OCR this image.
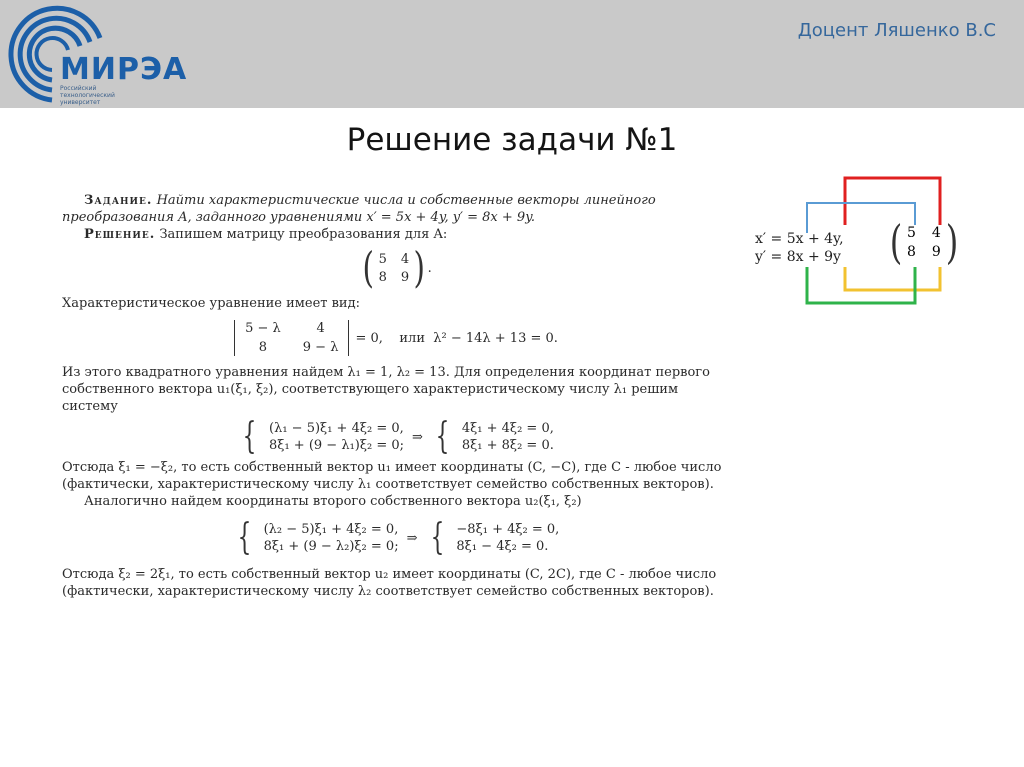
МИРЭА
Российский
технологический
университет
Доцент Ляшенко В.С
Решение задачи №1

Задание. Найти характеристические числа и собственные векторы линейного преобразования A, заданного уравнениями x′ = 5x + 4y, y′ = 8x + 9y.

Решение. Запишем матрицу преобразования для A:

( 5 4
8 9 ) .

Характеристическое уравнение имеет вид:

5 − λ	4
8	9 − λ
= 0,    или  λ² − 14λ + 13 = 0.

Из этого квадратного уравнения найдем λ₁ = 1, λ₂ = 13. Для определения координат первого собственного вектора u₁(ξ₁, ξ₂), соответствующего характеристическому числу λ₁ решим систему

{ (λ₁ − 5)ξ₁ + 4ξ₂ = 0,
8ξ₁ + (9 − λ₁)ξ₂ = 0;
⇒ { 4ξ₁ + 4ξ₂ = 0,
8ξ₁ + 8ξ₂ = 0.

Отсюда ξ₁ = −ξ₂, то есть собственный вектор u₁ имеет координаты (C, −C), где C - любое число (фактически, характеристическому числу λ₁ соответствует семейство собственных векторов).

Аналогично найдем координаты второго собственного вектора u₂(ξ₁, ξ₂)

{ (λ₂ − 5)ξ₁ + 4ξ₂ = 0,
8ξ₁ + (9 − λ₂)ξ₂ = 0;
⇒ { −8ξ₁ + 4ξ₂ = 0,
8ξ₁ − 4ξ₂ = 0.

Отсюда ξ₂ = 2ξ₁, то есть собственный вектор u₂ имеет координаты (C, 2C), где C - любое число (фактически, характеристическому числу λ₂ соответствует семейство собственных векторов).

x′ = 5x + 4y,
y′ = 8x + 9y ( 5 4
8 9 )
